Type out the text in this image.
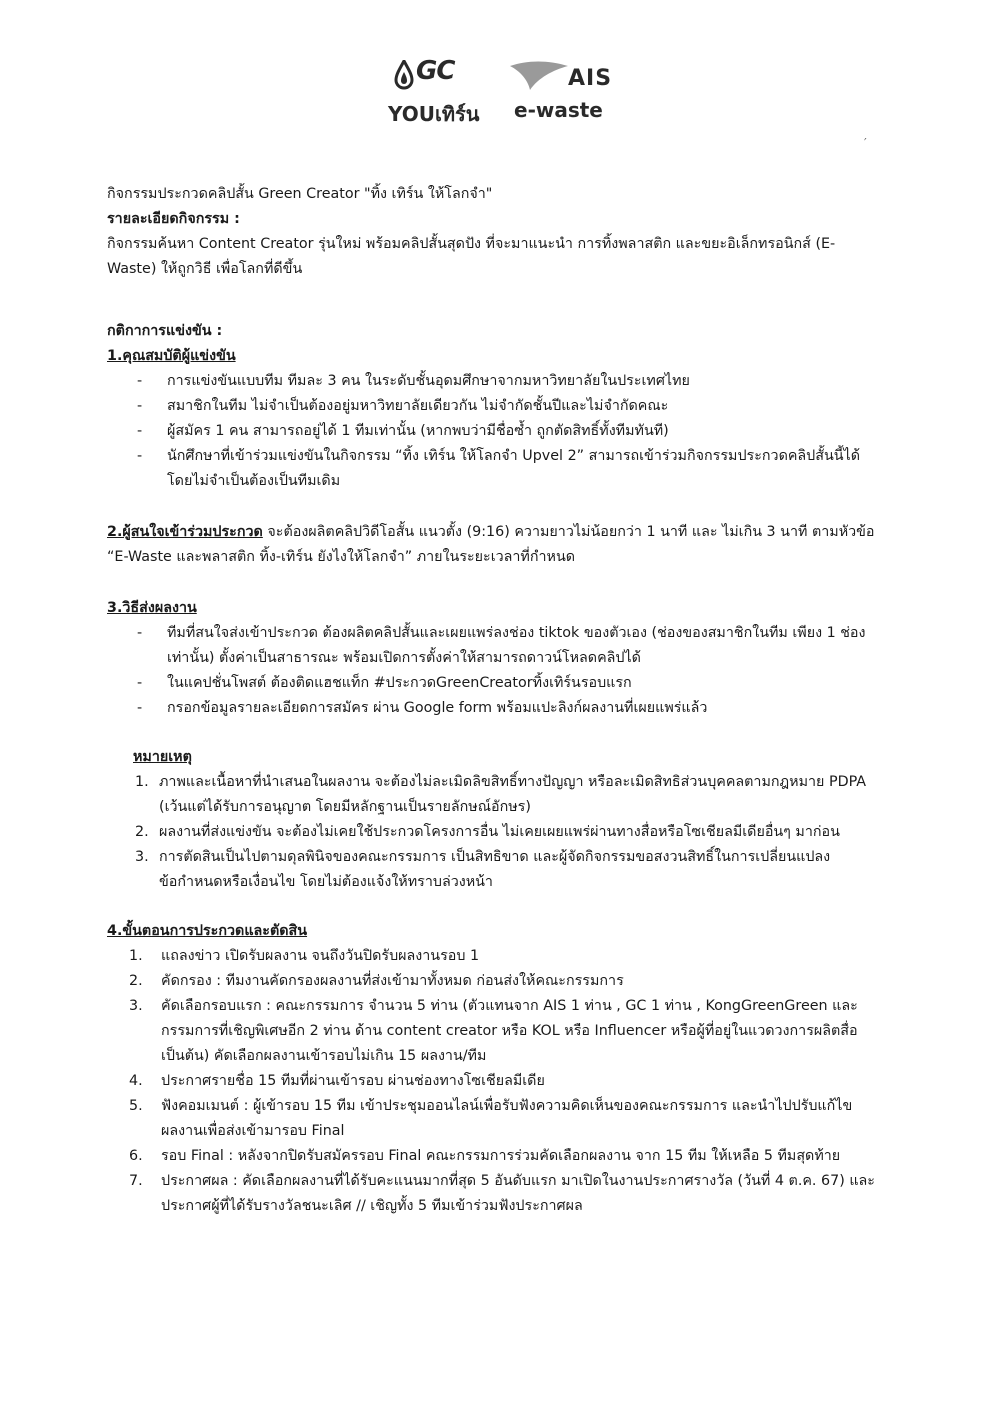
GC	AIS
YOUเทิร์น e-waste
′
กิจกรรมประกวดคลิปสั้น Green Creator "ทิ้ง เทิร์น ให้โลกจำ"
รายละเอียดกิจกรรม :
กิจกรรมค้นหา Content Creator รุ่นใหม่ พร้อมคลิปสั้นสุดปัง ที่จะมาแนะนำ การทิ้งพลาสติก และขยะอิเล็กทรอนิกส์ (E-
Waste) ให้ถูกวิธี เพื่อโลกที่ดีขึ้น
กติกาการแข่งขัน :
1.คุณสมบัติผู้แข่งขัน
-	การแข่งขันแบบทีม ทีมละ 3 คน ในระดับชั้นอุดมศึกษาจากมหาวิทยาลัยในประเทศไทย
-	สมาชิกในทีม ไม่จำเป็นต้องอยู่มหาวิทยาลัยเดียวกัน ไม่จำกัดชั้นปีและไม่จำกัดคณะ
-	ผู้สมัคร 1 คน สามารถอยู่ได้ 1 ทีมเท่านั้น (หากพบว่ามีชื่อซ้ำ ถูกตัดสิทธิ์ทั้งทีมทันที)
-	นักศึกษาที่เข้าร่วมแข่งขันในกิจกรรม “ทิ้ง เทิร์น ให้โลกจำ Upvel 2” สามารถเข้าร่วมกิจกรรมประกวดคลิปสั้นนี้ได้
โดยไม่จำเป็นต้องเป็นทีมเดิม
2.ผู้สนใจเข้าร่วมประกวด จะต้องผลิตคลิปวิดีโอสั้น แนวตั้ง (9:16) ความยาวไม่น้อยกว่า 1 นาที และ ไม่เกิน 3 นาที ตามหัวข้อ
“E-Waste และพลาสติก ทิ้ง-เทิร์น ยังไงให้โลกจำ” ภายในระยะเวลาที่กำหนด
3.วิธีส่งผลงาน
-	ทีมที่สนใจส่งเข้าประกวด ต้องผลิตคลิปสั้นและเผยแพร่ลงช่อง tiktok ของตัวเอง (ช่องของสมาชิกในทีม เพียง 1 ช่อง
เท่านั้น) ตั้งค่าเป็นสาธารณะ พร้อมเปิดการตั้งค่าให้สามารถดาวน์โหลดคลิปได้
-	ในแคปชั่นโพสต์ ต้องติดแฮชแท็ก #ประกวดGreenCreatorทิ้งเทิร์นรอบแรก
-	กรอกข้อมูลรายละเอียดการสมัคร ผ่าน Google form พร้อมแปะลิงก์ผลงานที่เผยแพร่แล้ว
หมายเหตุ
1. ภาพและเนื้อหาที่นำเสนอในผลงาน จะต้องไม่ละเมิดลิขสิทธิ์ทางปัญญา หรือละเมิดสิทธิส่วนบุคคลตามกฎหมาย PDPA
(เว้นแต่ได้รับการอนุญาต โดยมีหลักฐานเป็นรายลักษณ์อักษร)
2. ผลงานที่ส่งแข่งขัน จะต้องไม่เคยใช้ประกวดโครงการอื่น ไม่เคยเผยแพร่ผ่านทางสื่อหรือโซเชียลมีเดียอื่นๆ มาก่อน
3. การตัดสินเป็นไปตามดุลพินิจของคณะกรรมการ เป็นสิทธิขาด และผู้จัดกิจกรรมขอสงวนสิทธิ์ในการเปลี่ยนแปลง
ข้อกำหนดหรือเงื่อนไข โดยไม่ต้องแจ้งให้ทราบล่วงหน้า
4.ขั้นตอนการประกวดและตัดสิน
1.	แถลงข่าว เปิดรับผลงาน จนถึงวันปิดรับผลงานรอบ 1
2.	คัดกรอง : ทีมงานคัดกรองผลงานที่ส่งเข้ามาทั้งหมด ก่อนส่งให้คณะกรรมการ
3.	คัดเลือกรอบแรก : คณะกรรมการ จำนวน 5 ท่าน (ตัวแทนจาก AIS 1 ท่าน , GC 1 ท่าน , KongGreenGreen และ
กรรมการที่เชิญพิเศษอีก 2 ท่าน ด้าน content creator หรือ KOL หรือ Influencer หรือผู้ที่อยู่ในแวดวงการผลิตสื่อ
เป็นต้น) คัดเลือกผลงานเข้ารอบไม่เกิน 15 ผลงาน/ทีม
4.	ประกาศรายชื่อ 15 ทีมที่ผ่านเข้ารอบ ผ่านช่องทางโซเชียลมีเดีย
5.	ฟังคอมเมนต์ : ผู้เข้ารอบ 15 ทีม เข้าประชุมออนไลน์เพื่อรับฟังความคิดเห็นของคณะกรรมการ และนำไปปรับแก้ไข
ผลงานเพื่อส่งเข้ามารอบ Final
6.	รอบ Final : หลังจากปิดรับสมัครรอบ Final คณะกรรมการร่วมคัดเลือกผลงาน จาก 15 ทีม ให้เหลือ 5 ทีมสุดท้าย
7.	ประกาศผล : คัดเลือกผลงานที่ได้รับคะแนนมากที่สุด 5 อันดับแรก มาเปิดในงานประกาศรางวัล (วันที่ 4 ต.ค. 67) และ
ประกาศผู้ที่ได้รับรางวัลชนะเลิศ // เชิญทั้ง 5 ทีมเข้าร่วมฟังประกาศผล
